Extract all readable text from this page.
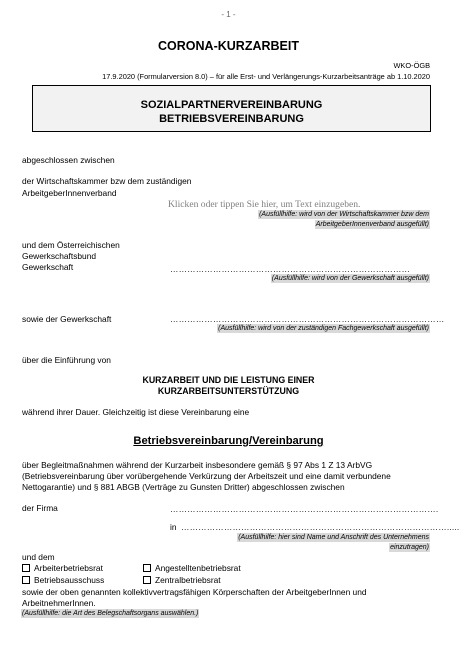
- 1 -
CORONA-KURZARBEIT
WKO-ÖGB
17.9.2020 (Formularversion 8.0) – für alle Erst- und Verlängerungs-Kurzarbeitsanträge ab 1.10.2020
SOZIALPARTNERVEREINBARUNG
BETRIEBSVEREINBARUNG
abgeschlossen zwischen
der Wirtschaftskammer bzw dem zuständigen
ArbeitgeberInnenverband
Klicken oder tippen Sie hier, um Text einzugeben.
(Ausfüllhilfe: wird von der Wirtschaftskammer bzw dem
ArbeitgeberInnenverband ausgefüllt)
und dem Österreichischen
Gewerkschaftsbund
Gewerkschaft	…………………………………………………………………………
(Ausfüllhilfe: wird von der Gewerkschaft ausgefüllt)
sowie der Gewerkschaft	……………………………………………………………………………………
(Ausfüllhilfe: wird von der zuständigen Fachgewerkschaft ausgefüllt)
über die Einführung von
KURZARBEIT UND DIE LEISTUNG EINER
KURZARBEITSUNTERSTÜTZUNG
während ihrer Dauer. Gleichzeitig ist diese Vereinbarung eine
Betriebsvereinbarung/Vereinbarung
über Begleitmaßnahmen während der Kurzarbeit insbesondere gemäß § 97 Abs 1 Z 13 ArbVG
(Betriebsvereinbarung über vorübergehende Verkürzung der Arbeitszeit und eine damit verbundene
Nettogarantie) und § 881 ABGB (Verträge zu Gunsten Dritter) abgeschlossen zwischen
der Firma	………………………………………………………………………………….
in ………………………………………………………………………………….....
(Ausfüllhilfe: hier sind Name und Anschrift des Unternehmens
einzutragen)
und dem
Arbeiterbetriebsrat	Angestelltenbetriebsrat
Betriebsausschuss	Zentralbetriebsrat
sowie der oben genannten kollektivvertragsfähigen Körperschaften der ArbeitgeberInnen und
ArbeitnehmerInnen.
(Ausfüllhilfe: die Art des Belegschaftsorgans auswählen.)
